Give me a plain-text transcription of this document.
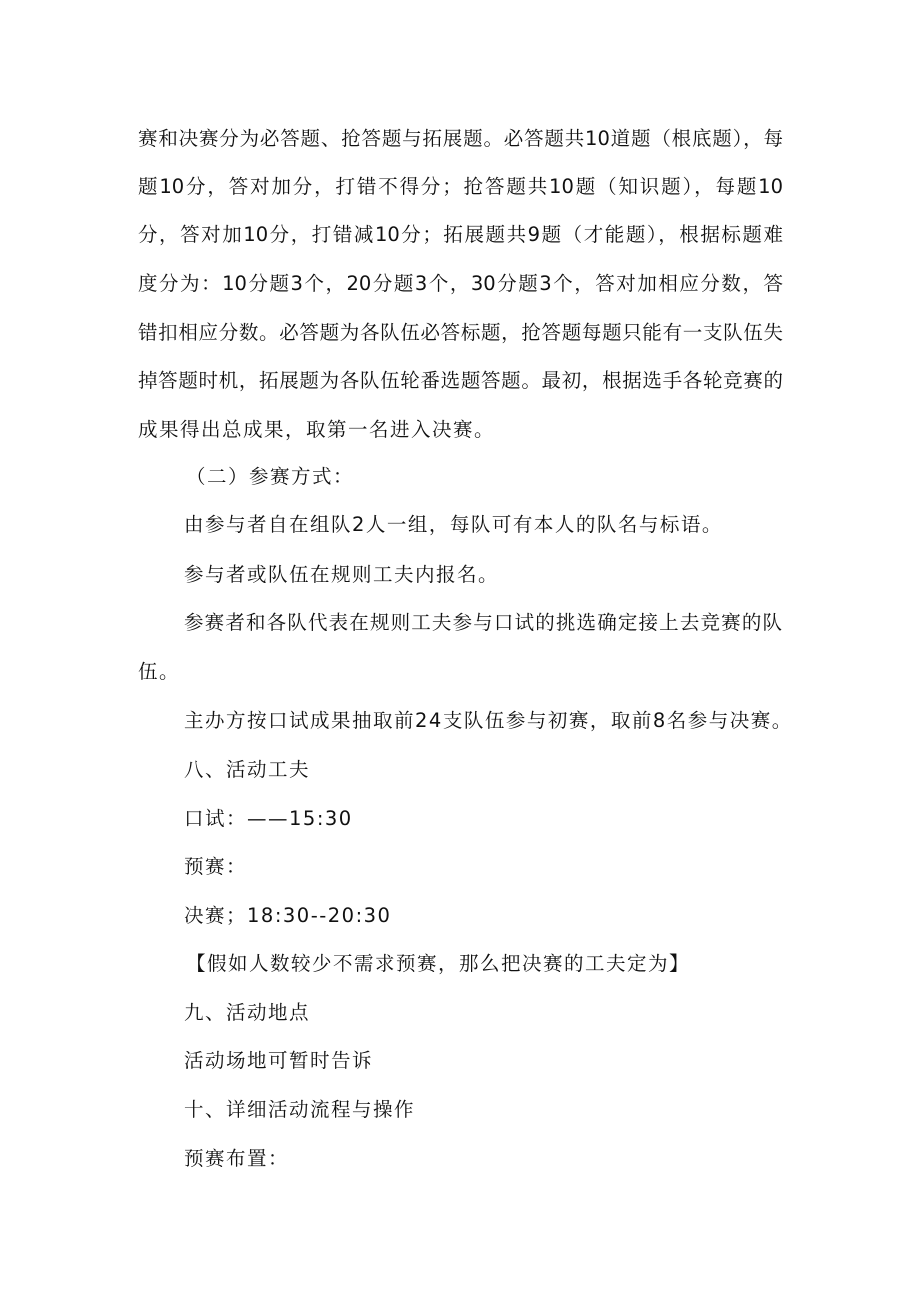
赛和决赛分为必答题、抢答题与拓展题。必答题共10道题（根底题），每
题10分，答对加分，打错不得分；抢答题共10题（知识题），每题10
分，答对加10分，打错减10分；拓展题共9题（才能题），根据标题难
度分为：10分题3个，20分题3个，30分题3个，答对加相应分数，答
错扣相应分数。必答题为各队伍必答标题，抢答题每题只能有一支队伍失
掉答题时机，拓展题为各队伍轮番选题答题。最初，根据选手各轮竞赛的
成果得出总成果，取第一名进入决赛。
（二）参赛方式：
由参与者自在组队2人一组，每队可有本人的队名与标语。
参与者或队伍在规则工夫内报名。
参赛者和各队代表在规则工夫参与口试的挑选确定接上去竞赛的队
伍。
主办方按口试成果抽取前24支队伍参与初赛，取前8名参与决赛。
八、活动工夫
口试：——15:30
预赛：
决赛；18:30--20:30
【假如人数较少不需求预赛，那么把决赛的工夫定为】
九、活动地点
活动场地可暂时告诉
十、详细活动流程与操作
预赛布置：
